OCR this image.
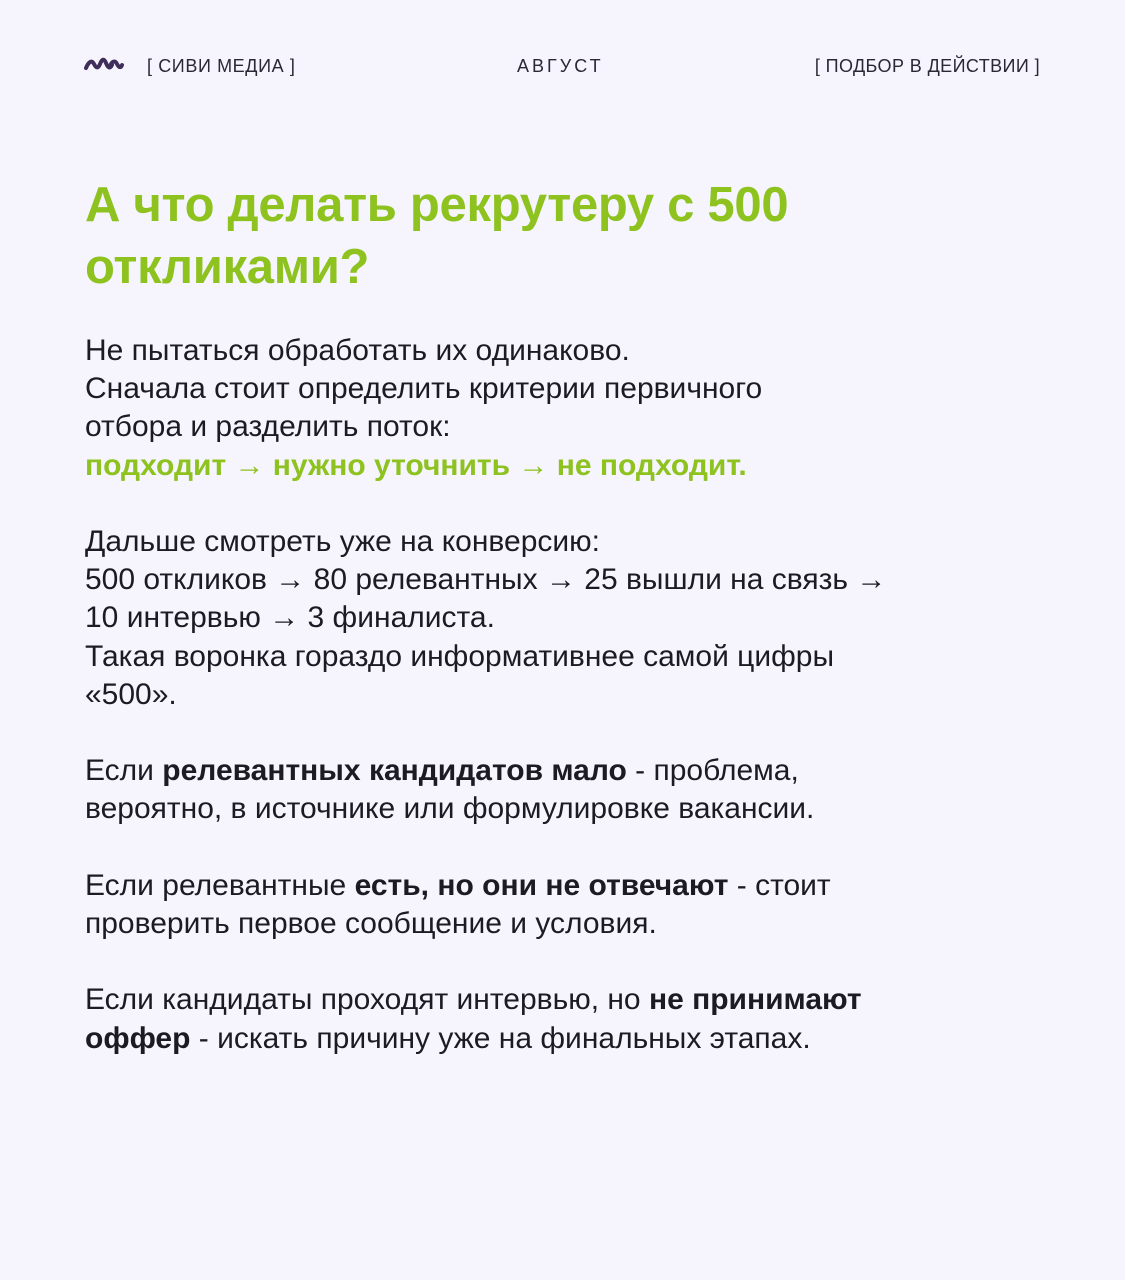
[ СИВИ МЕДИА ]	АВГУСТ	[ ПОДБОР В ДЕЙСТВИИ ]
А что делать рекрутеру с 500 откликами?

Не пытаться обработать их одинаково.

Сначала стоит определить критерии первичного

отбора и разделить поток:

подходит → нужно уточнить → не подходит.

Дальше смотреть уже на конверсию:

500 откликов → 80 релевантных → 25 вышли на связь →

10 интервью → 3 финалиста.

Такая воронка гораздо информативнее самой цифры

«500».

Если релевантных кандидатов мало - проблема,

вероятно, в источнике или формулировке вакансии.

Если релевантные есть, но они не отвечают - стоит

проверить первое сообщение и условия.

Если кандидаты проходят интервью, но не принимают

оффер - искать причину уже на финальных этапах.
